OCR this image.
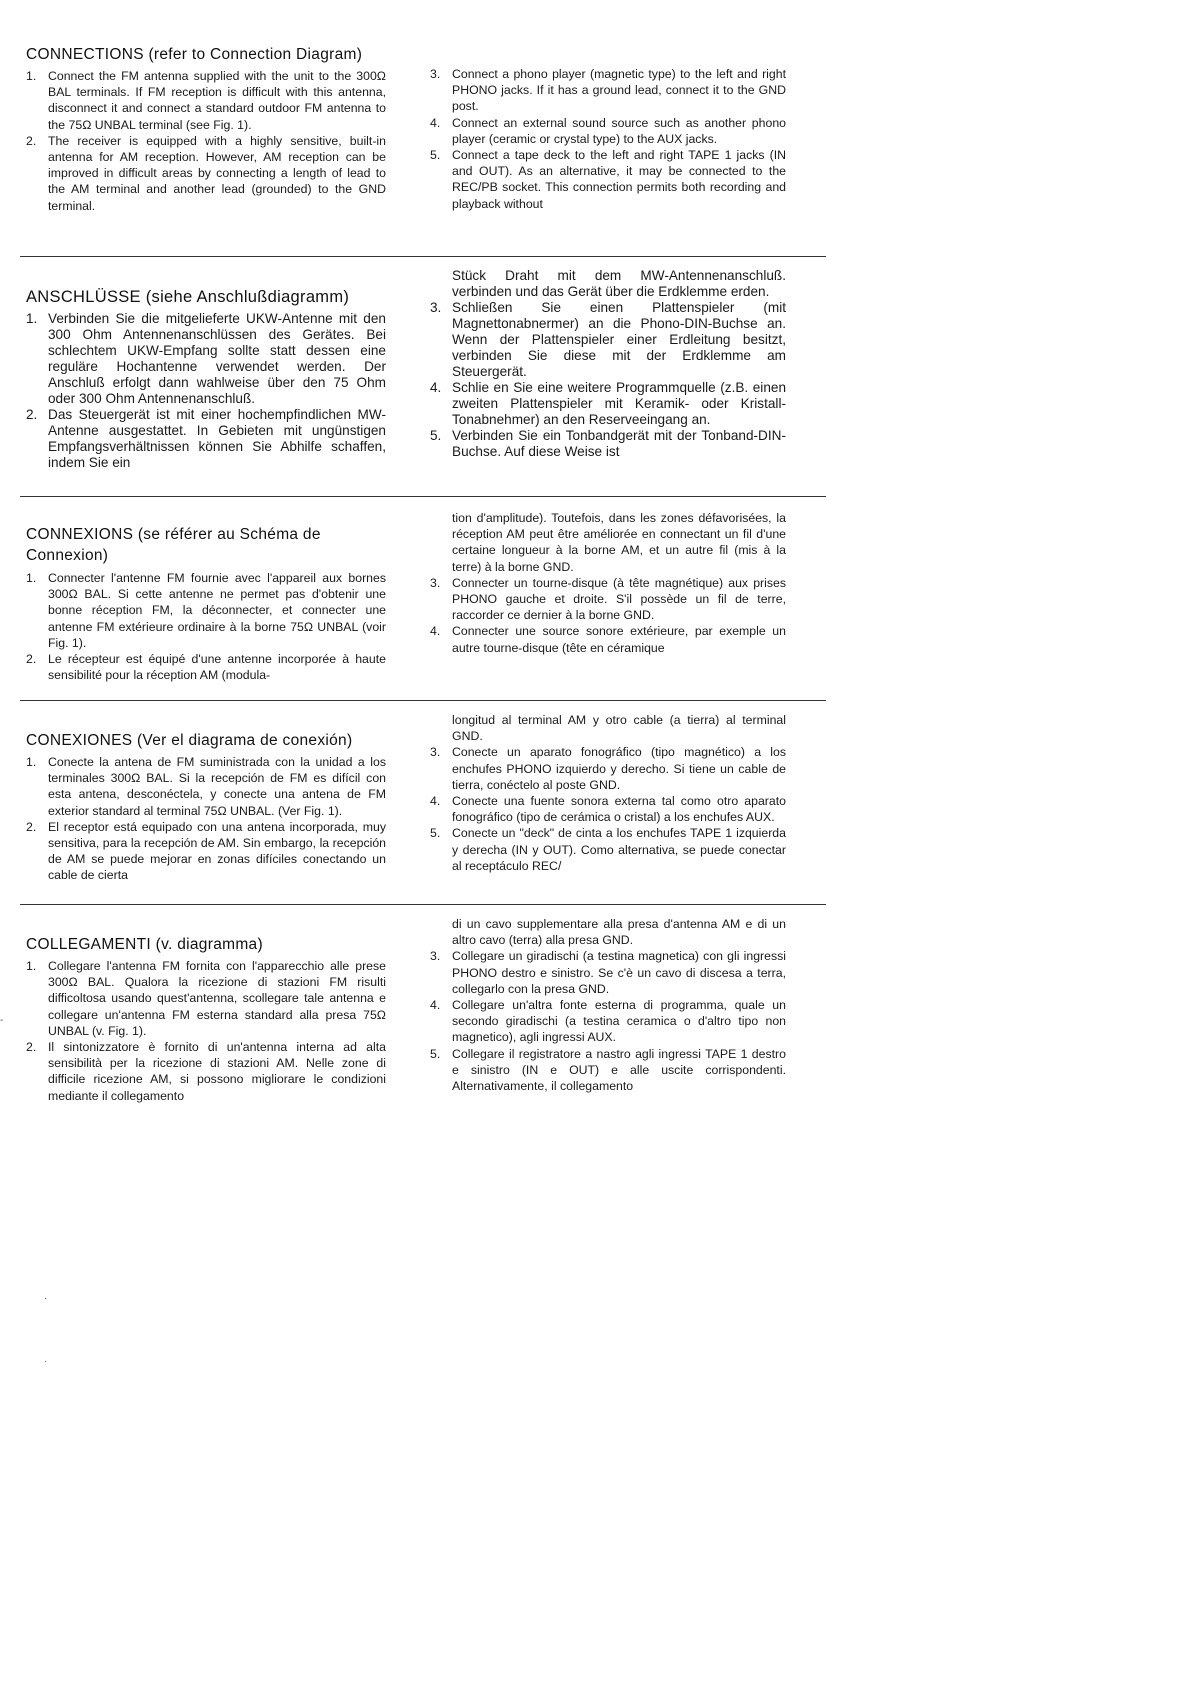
CONNECTIONS (refer to Connection Diagram)
1. Connect the FM antenna supplied with the unit to the 300Ω BAL terminals. If FM reception is difficult with this antenna, disconnect it and connect a standard outdoor FM antenna to the 75Ω UNBAL terminal (see Fig. 1).
2. The receiver is equipped with a highly sensitive, built-in antenna for AM reception. However, AM reception can be improved in difficult areas by connecting a length of lead to the AM terminal and another lead (grounded) to the GND terminal.
3. Connect a phono player (magnetic type) to the left and right PHONO jacks. If it has a ground lead, connect it to the GND post.
4. Connect an external sound source such as another phono player (ceramic or crystal type) to the AUX jacks.
5. Connect a tape deck to the left and right TAPE 1 jacks (IN and OUT). As an alternative, it may be connected to the REC/PB socket. This connection permits both recording and playback without
ANSCHLÜSSE (siehe Anschlußdiagramm)
1. Verbinden Sie die mitgelieferte UKW-Antenne mit den 300 Ohm Antennenanschlüssen des Gerätes. Bei schlechtem UKW-Empfang sollte statt dessen eine reguläre Hochantenne verwendet werden. Der Anschluß erfolgt dann wahlweise über den 75 Ohm oder 300 Ohm Antennenanschluß.
2. Das Steuergerät ist mit einer hochempfindlichen MW-Antenne ausgestattet. In Gebieten mit ungünstigen Empfangsverhältnissen können Sie Abhilfe schaffen, indem Sie ein
Stück Draht mit dem MW-Antennenanschluß. verbinden und das Gerät über die Erdklemme erden.
3. Schließen Sie einen Plattenspieler (mit Magnettonabnermer) an die Phono-DIN-Buchse an. Wenn der Plattenspieler einer Erdleitung besitzt, verbinden Sie diese mit der Erdklemme am Steuergerät.
4. Schlie en Sie eine weitere Programmquelle (z.B. einen zweiten Plattenspieler mit Keramik- oder Kristall-Tonabnehmer) an den Reserveeingang an.
5. Verbinden Sie ein Tonbandgerät mit der Tonband-DIN-Buchse. Auf diese Weise ist
CONNEXIONS (se référer au Schéma de Connexion)
1. Connecter l'antenne FM fournie avec l'appareil aux bornes 300Ω BAL. Si cette antenne ne permet pas d'obtenir une bonne réception FM, la déconnecter, et connecter une antenne FM extérieure ordinaire à la borne 75Ω UNBAL (voir Fig. 1).
2. Le récepteur est équipé d'une antenne incorporée à haute sensibilité pour la réception AM (modula-
tion d'amplitude). Toutefois, dans les zones défavorisées, la réception AM peut être améliorée en connectant un fil d'une certaine longueur à la borne AM, et un autre fil (mis à la terre) à la borne GND.
3. Connecter un tourne-disque (à tête magnétique) aux prises PHONO gauche et droite. S'il possède un fil de terre, raccorder ce dernier à la borne GND.
4. Connecter une source sonore extérieure, par exemple un autre tourne-disque (tête en céramique
CONEXIONES (Ver el diagrama de conexión)
1. Conecte la antena de FM suministrada con la unidad a los terminales 300Ω BAL. Si la recepción de FM es difícil con esta antena, desconéctela, y conecte una antena de FM exterior standard al terminal 75Ω UNBAL. (Ver Fig. 1).
2. El receptor está equipado con una antena incorporada, muy sensitiva, para la recepción de AM. Sin embargo, la recepción de AM se puede mejorar en zonas difíciles conectando un cable de cierta
longitud al terminal AM y otro cable (a tierra) al terminal GND.
3. Conecte un aparato fonográfico (tipo magnético) a los enchufes PHONO izquierdo y derecho. Si tiene un cable de tierra, conéctelo al poste GND.
4. Conecte una fuente sonora externa tal como otro aparato fonográfico (tipo de cerámica o cristal) a los enchufes AUX.
5. Conecte un "deck" de cinta a los enchufes TAPE 1 izquierda y derecha (IN y OUT). Como alternativa, se puede conectar al receptáculo REC/
COLLEGAMENTI (v. diagramma)
1. Collegare l'antenna FM fornita con l'apparecchio alle prese 300Ω BAL. Qualora la ricezione di stazioni FM risulti difficoltosa usando quest'antenna, scollegare tale antenna e collegare un'antenna FM esterna standard alla presa 75Ω UNBAL (v. Fig. 1).
2. Il sintonizzatore è fornito di un'antenna interna ad alta sensibilità per la ricezione di stazioni AM. Nelle zone di difficile ricezione AM, si possono migliorare le condizioni mediante il collegamento
di un cavo supplementare alla presa d'antenna AM e di un altro cavo (terra) alla presa GND.
3. Collegare un giradischi (a testina magnetica) con gli ingressi PHONO destro e sinistro. Se c'è un cavo di discesa a terra, collegarlo con la presa GND.
4. Collegare un'altra fonte esterna di programma, quale un secondo giradischi (a testina ceramica o d'altro tipo non magnetico), agli ingressi AUX.
5. Collegare il registratore a nastro agli ingressi TAPE 1 destro e sinistro (IN e OUT) e alle uscite corrispondenti. Alternativamente, il collegamento
·
·
-
